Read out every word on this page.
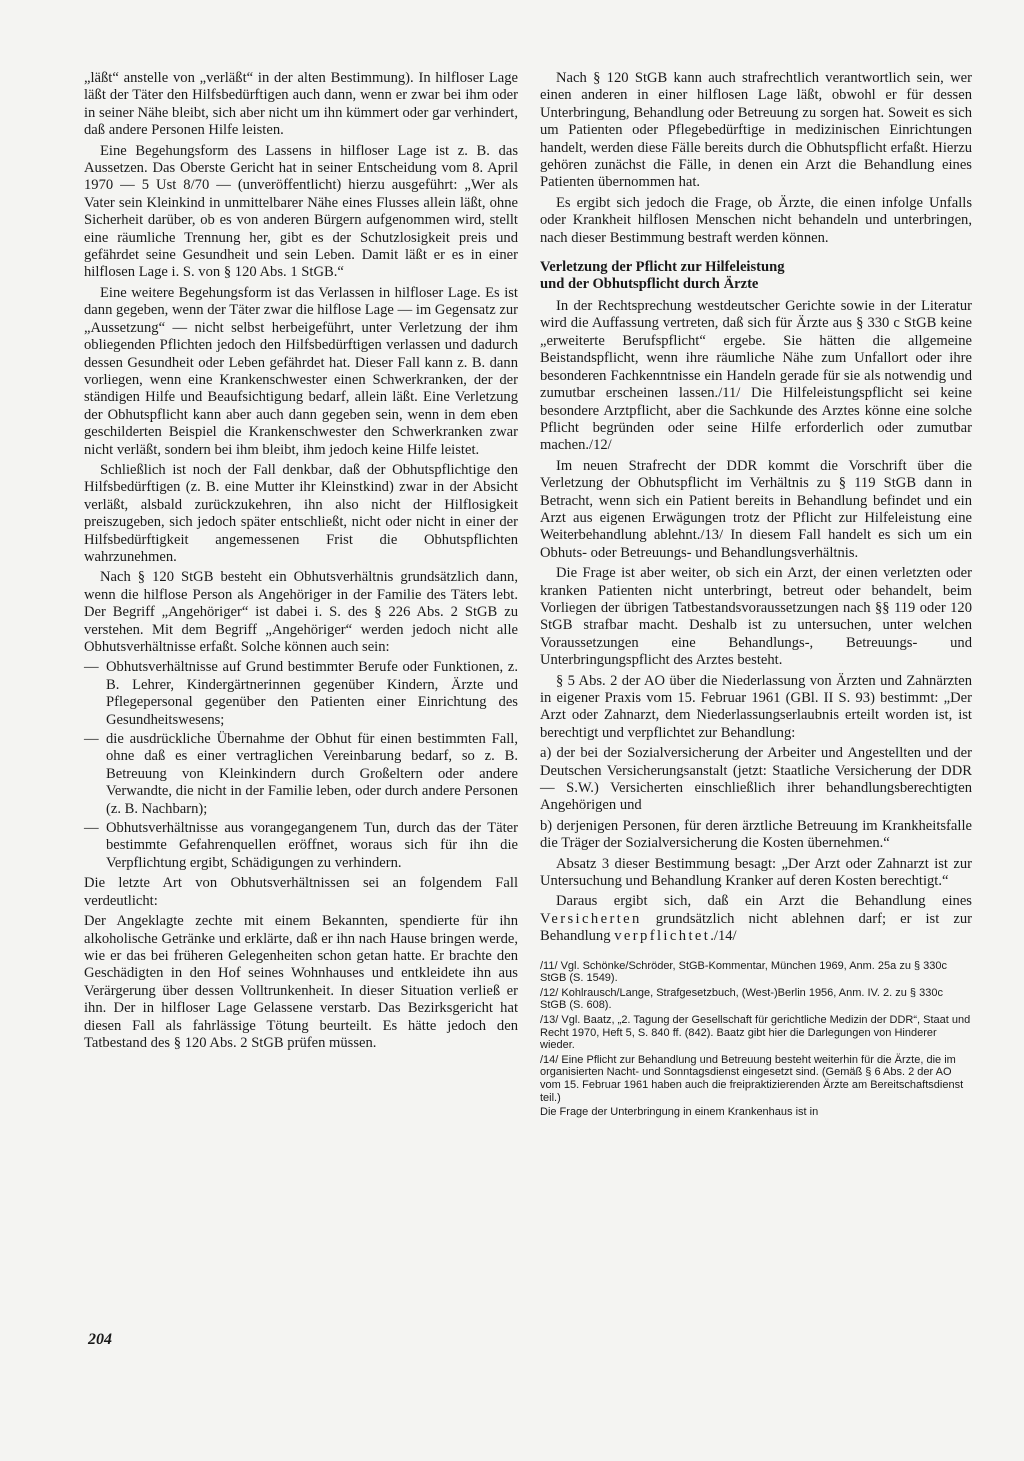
„läßt“ anstelle von „verläßt“ in der alten Bestimmung). In hilfloser Lage läßt der Täter den Hilfsbedürftigen auch dann, wenn er zwar bei ihm oder in seiner Nähe bleibt, sich aber nicht um ihn kümmert oder gar verhindert, daß andere Personen Hilfe leisten.

Eine Begehungsform des Lassens in hilfloser Lage ist z. B. das Aussetzen. Das Oberste Gericht hat in seiner Entscheidung vom 8. April 1970 — 5 Ust 8/70 — (unveröffentlicht) hierzu ausgeführt: „Wer als Vater sein Kleinkind in unmittelbarer Nähe eines Flusses allein läßt, ohne Sicherheit darüber, ob es von anderen Bürgern aufgenommen wird, stellt eine räumliche Trennung her, gibt es der Schutzlosigkeit preis und gefährdet seine Gesundheit und sein Leben. Damit läßt er es in einer hilflosen Lage i. S. von § 120 Abs. 1 StGB.“

Eine weitere Begehungsform ist das Verlassen in hilfloser Lage. Es ist dann gegeben, wenn der Täter zwar die hilflose Lage — im Gegensatz zur „Aussetzung“ — nicht selbst herbeigeführt, unter Verletzung der ihm obliegenden Pflichten jedoch den Hilfsbedürftigen verlassen und dadurch dessen Gesundheit oder Leben gefährdet hat. Dieser Fall kann z. B. dann vorliegen, wenn eine Krankenschwester einen Schwerkranken, der der ständigen Hilfe und Beaufsichtigung bedarf, allein läßt. Eine Verletzung der Obhutspflicht kann aber auch dann gegeben sein, wenn in dem eben geschilderten Beispiel die Krankenschwester den Schwerkranken zwar nicht verläßt, sondern bei ihm bleibt, ihm jedoch keine Hilfe leistet.

Schließlich ist noch der Fall denkbar, daß der Obhutspflichtige den Hilfsbedürftigen (z. B. eine Mutter ihr Kleinstkind) zwar in der Absicht verläßt, alsbald zurückzukehren, ihn also nicht der Hilflosigkeit preiszugeben, sich jedoch später entschließt, nicht oder nicht in einer der Hilfsbedürftigkeit angemessenen Frist die Obhutspflichten wahrzunehmen.

Nach § 120 StGB besteht ein Obhutsverhältnis grundsätzlich dann, wenn die hilflose Person als Angehöriger in der Familie des Täters lebt. Der Begriff „Angehöriger“ ist dabei i. S. des § 226 Abs. 2 StGB zu verstehen. Mit dem Begriff „Angehöriger“ werden jedoch nicht alle Obhutsverhältnisse erfaßt. Solche können auch sein:

— Obhutsverhältnisse auf Grund bestimmter Berufe oder Funktionen, z. B. Lehrer, Kindergärtnerinnen gegenüber Kindern, Ärzte und Pflegepersonal gegenüber den Patienten einer Einrichtung des Gesundheitswesens;
— die ausdrückliche Übernahme der Obhut für einen bestimmten Fall, ohne daß es einer vertraglichen Vereinbarung bedarf, so z. B. Betreuung von Kleinkindern durch Großeltern oder andere Verwandte, die nicht in der Familie leben, oder durch andere Personen (z. B. Nachbarn);
— Obhutsverhältnisse aus vorangegangenem Tun, durch das der Täter bestimmte Gefahrenquellen eröffnet, woraus sich für ihn die Verpflichtung ergibt, Schädigungen zu verhindern.

Die letzte Art von Obhutsverhältnissen sei an folgendem Fall verdeutlicht:

Der Angeklagte zechte mit einem Bekannten, spendierte für ihn alkoholische Getränke und erklärte, daß er ihn nach Hause bringen werde, wie er das bei früheren Gelegenheiten schon getan hatte. Er brachte den Geschädigten in den Hof seines Wohnhauses und entkleidete ihn aus Verärgerung über dessen Volltrunkenheit. In dieser Situation verließ er ihn. Der in hilfloser Lage Gelassene verstarb. Das Bezirksgericht hat diesen Fall als fahrlässige Tötung beurteilt. Es hätte jedoch den Tatbestand des § 120 Abs. 2 StGB prüfen müssen.

Nach § 120 StGB kann auch strafrechtlich verantwortlich sein, wer einen anderen in einer hilflosen Lage läßt, obwohl er für dessen Unterbringung, Behandlung oder Betreuung zu sorgen hat. Soweit es sich um Patienten oder Pflegebedürftige in medizinischen Einrichtungen handelt, werden diese Fälle bereits durch die Obhutspflicht erfaßt. Hierzu gehören zunächst die Fälle, in denen ein Arzt die Behandlung eines Patienten übernommen hat.

Es ergibt sich jedoch die Frage, ob Ärzte, die einen infolge Unfalls oder Krankheit hilflosen Menschen nicht behandeln und unterbringen, nach dieser Bestimmung bestraft werden können.

Verletzung der Pflicht zur Hilfeleistung
und der Obhutspflicht durch Ärzte

In der Rechtsprechung westdeutscher Gerichte sowie in der Literatur wird die Auffassung vertreten, daß sich für Ärzte aus § 330 c StGB keine „erweiterte Berufspflicht“ ergebe. Sie hätten die allgemeine Beistandspflicht, wenn ihre räumliche Nähe zum Unfallort oder ihre besonderen Fachkenntnisse ein Handeln gerade für sie als notwendig und zumutbar erscheinen lassen./11/ Die Hilfeleistungspflicht sei keine besondere Arztpflicht, aber die Sachkunde des Arztes könne eine solche Pflicht begründen oder seine Hilfe erforderlich oder zumutbar machen./12/

Im neuen Strafrecht der DDR kommt die Vorschrift über die Verletzung der Obhutspflicht im Verhältnis zu § 119 StGB dann in Betracht, wenn sich ein Patient bereits in Behandlung befindet und ein Arzt aus eigenen Erwägungen trotz der Pflicht zur Hilfeleistung eine Weiterbehandlung ablehnt./13/ In diesem Fall handelt es sich um ein Obhuts- oder Betreuungs- und Behandlungsverhältnis.

Die Frage ist aber weiter, ob sich ein Arzt, der einen verletzten oder kranken Patienten nicht unterbringt, betreut oder behandelt, beim Vorliegen der übrigen Tatbestandsvoraussetzungen nach §§ 119 oder 120 StGB strafbar macht. Deshalb ist zu untersuchen, unter welchen Voraussetzungen eine Behandlungs-, Betreuungs- und Unterbringungspflicht des Arztes besteht.

§ 5 Abs. 2 der AO über die Niederlassung von Ärzten und Zahnärzten in eigener Praxis vom 15. Februar 1961 (GBl. II S. 93) bestimmt: „Der Arzt oder Zahnarzt, dem Niederlassungserlaubnis erteilt worden ist, ist berechtigt und verpflichtet zur Behandlung:

a) der bei der Sozialversicherung der Arbeiter und Angestellten und der Deutschen Versicherungsanstalt (jetzt: Staatliche Versicherung der DDR — S.W.) Versicherten einschließlich ihrer behandlungsberechtigten Angehörigen und

b) derjenigen Personen, für deren ärztliche Betreuung im Krankheitsfalle die Träger der Sozialversicherung die Kosten übernehmen.“

Absatz 3 dieser Bestimmung besagt: „Der Arzt oder Zahnarzt ist zur Untersuchung und Behandlung Kranker auf deren Kosten berechtigt.“

Daraus ergibt sich, daß ein Arzt die Behandlung eines Versicherten grundsätzlich nicht ablehnen darf; er ist zur Behandlung verpflichtet./14/

/11/ Vgl. Schönke/Schröder, StGB-Kommentar, München 1969, Anm. 25a zu § 330c StGB (S. 1549).

/12/ Kohlrausch/Lange, Strafgesetzbuch, (West-)Berlin 1956, Anm. IV. 2. zu § 330c StGB (S. 608).

/13/ Vgl. Baatz, „2. Tagung der Gesellschaft für gerichtliche Medizin der DDR“, Staat und Recht 1970, Heft 5, S. 840 ff. (842). Baatz gibt hier die Darlegungen von Hinderer wieder.

/14/ Eine Pflicht zur Behandlung und Betreuung besteht weiterhin für die Ärzte, die im organisierten Nacht- und Sonntagsdienst eingesetzt sind. (Gemäß § 6 Abs. 2 der AO vom 15. Februar 1961 haben auch die freipraktizierenden Ärzte am Bereitschaftsdienst teil.)

Die Frage der Unterbringung in einem Krankenhaus ist in

204
